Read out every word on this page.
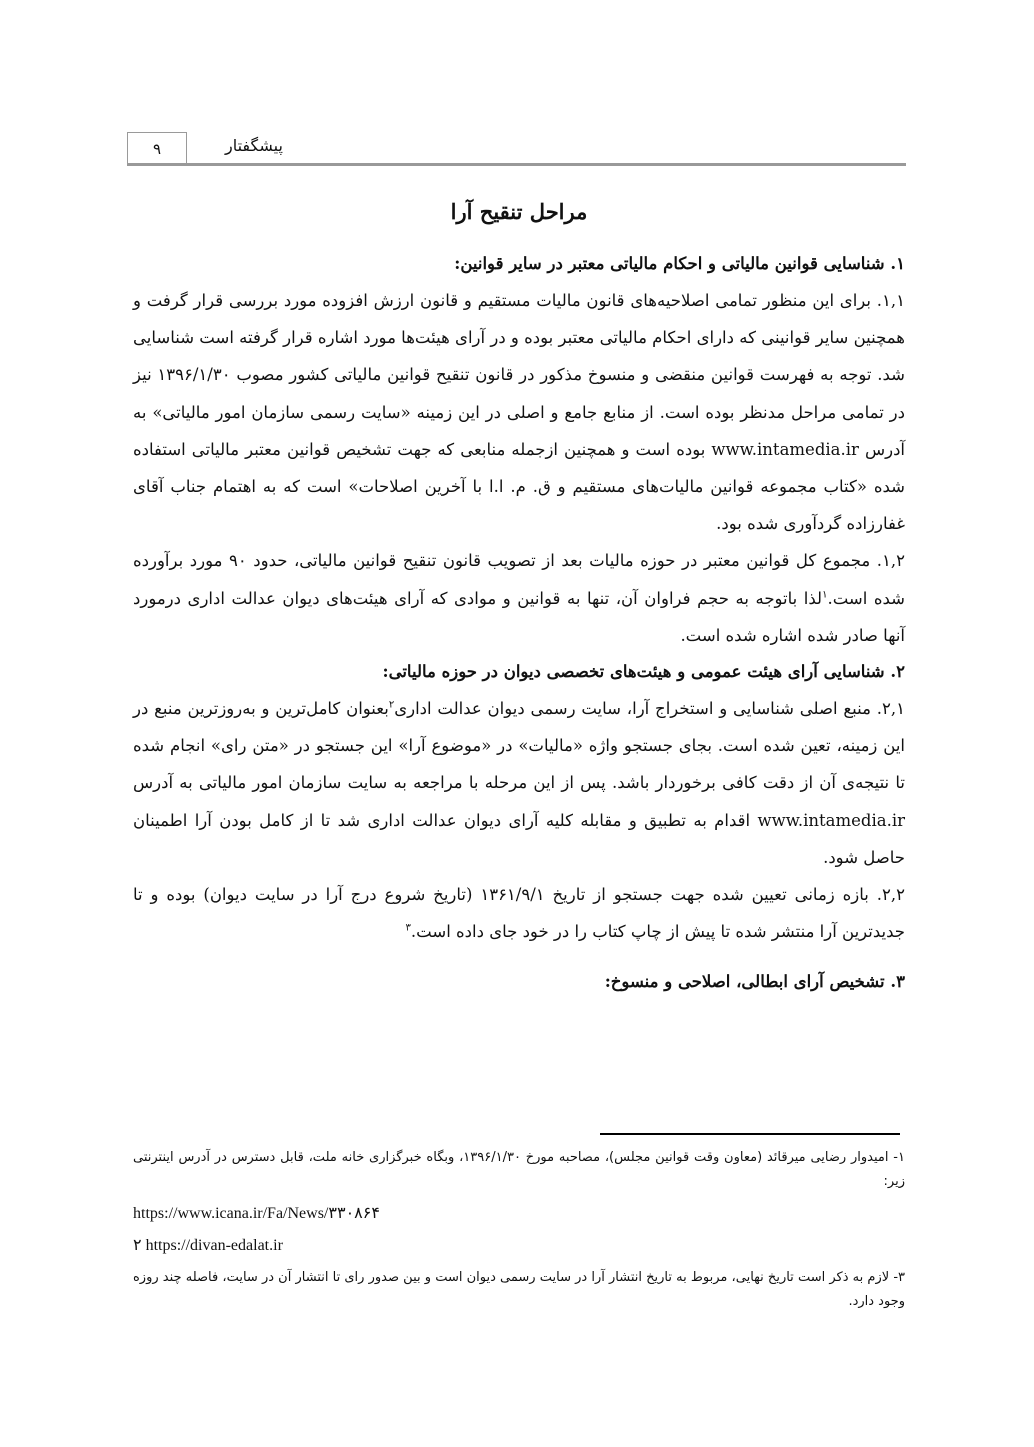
۹	پیشگفتار
مراحل تنقیح آرا
۱. شناسایی قوانین مالیاتی و احکام مالیاتی معتبر در سایر قوانین:

۱,۱. برای این منظور تمامی اصلاحیه‌های قانون مالیات مستقیم و قانون ارزش افزوده مورد بررسی قرار گرفت و همچنین سایر قوانینی که دارای احکام مالیاتی معتبر بوده و در آرای هیئت‌ها مورد اشاره قرار گرفته است شناسایی شد. توجه به فهرست قوانین منقضی و منسوخ مذکور در قانون تنقیح قوانین مالیاتی کشور مصوب ۱۳۹۶/۱/۳۰ نیز در تمامی مراحل مدنظر بوده است. از منابع جامع و اصلی در این زمینه «سایت رسمی سازمان امور مالیاتی» به آدرس www.intamedia.ir بوده است و همچنین ازجمله منابعی که جهت تشخیص قوانین معتبر مالیاتی استفاده شده «کتاب مجموعه قوانین مالیات‌های مستقیم و ق. م. ا.ا با آخرین اصلاحات» است که به اهتمام جناب آقای غفارزاده گردآوری شده بود.

۱,۲. مجموع کل قوانین معتبر در حوزه مالیات بعد از تصویب قانون تنقیح قوانین مالیاتی، حدود ۹۰ مورد برآورده شده است.$^۱$لذا باتوجه به حجم فراوان آن، تنها به قوانین و موادی که آرای هیئت‌های دیوان عدالت اداری درمورد آنها صادر شده اشاره شده است.

۲. شناسایی آرای هیئت عمومی و هیئت‌های تخصصی دیوان در حوزه مالیاتی:

۲,۱. منبع اصلی شناسایی و استخراج آرا، سایت رسمی دیوان عدالت اداری$^۲$بعنوان کامل‌ترین و به‌روزترین منبع در این زمینه، تعین شده است. بجای جستجو واژه «مالیات» در «موضوع آرا» این جستجو در «متن رای» انجام شده تا نتیجه‌ی آن از دقت کافی برخوردار باشد. پس از این مرحله با مراجعه به سایت سازمان امور مالیاتی به آدرس www.intamedia.ir اقدام به تطبیق و مقابله کلیه آرای دیوان عدالت اداری شد تا از کامل بودن آرا اطمینان حاصل شود.

۲,۲. بازه زمانی تعیین شده جهت جستجو از تاریخ ۱۳۶۱/۹/۱ (تاریخ شروع درج آرا در سایت دیوان) بوده و تا جدیدترین آرا منتشر شده تا پیش از چاپ کتاب را در خود جای داده است.$^۳$

۳. تشخیص آرای ابطالی، اصلاحی و منسوخ:

۱- امیدوار رضایی میرقائد (معاون وقت قوانین مجلس)، مصاحبه مورخ ۱۳۹۶/۱/۳۰، وبگاه خبرگزاری خانه ملت، قابل دسترس در آدرس اینترنتی زیر:

https://www.icana.ir/Fa/News/۳۳۰۸۶۴

۲ https://divan-edalat.ir

۳- لازم به ذکر است تاریخ نهایی، مربوط به تاریخ انتشار آرا در سایت رسمی دیوان است و بین صدور رای تا انتشار آن در سایت، فاصله چند روزه وجود دارد.
